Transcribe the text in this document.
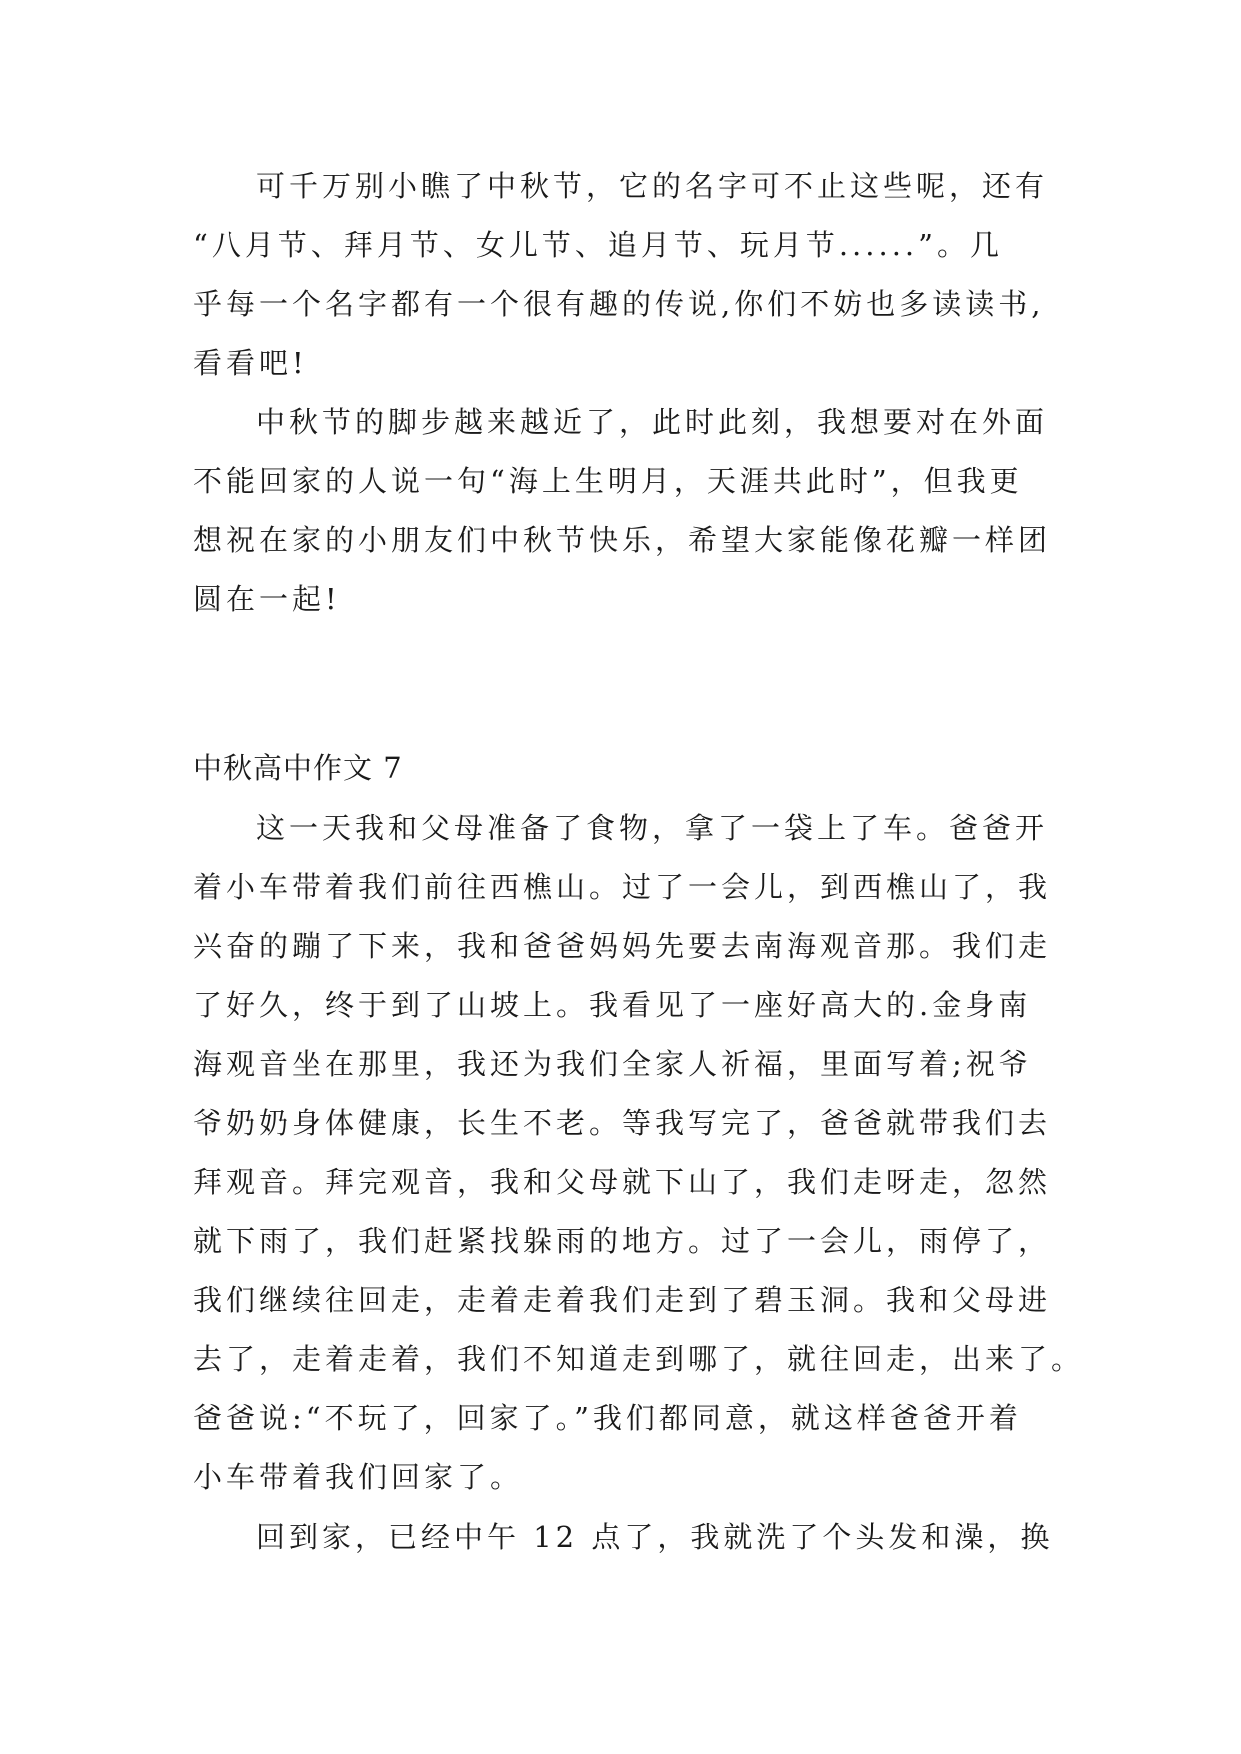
可千万别小瞧了中秋节，它的名字可不止这些呢，还有
“八月节、拜月节、女儿节、追月节、玩月节......”。几
乎每一个名字都有一个很有趣的传说,你们不妨也多读读书,
看看吧!
中秋节的脚步越来越近了，此时此刻，我想要对在外面
不能回家的人说一句“海上生明月，天涯共此时”，但我更
想祝在家的小朋友们中秋节快乐，希望大家能像花瓣一样团
圆在一起!
中秋高中作文 7
这一天我和父母准备了食物，拿了一袋上了车。爸爸开
着小车带着我们前往西樵山。过了一会儿，到西樵山了，我
兴奋的蹦了下来，我和爸爸妈妈先要去南海观音那。我们走
了好久，终于到了山坡上。我看见了一座好高大的.金身南
海观音坐在那里，我还为我们全家人祈福，里面写着;祝爷
爷奶奶身体健康，长生不老。等我写完了，爸爸就带我们去
拜观音。拜完观音，我和父母就下山了，我们走呀走，忽然
就下雨了，我们赶紧找躲雨的地方。过了一会儿，雨停了，
我们继续往回走，走着走着我们走到了碧玉洞。我和父母进
去了，走着走着，我们不知道走到哪了，就往回走，出来了。
爸爸说:“不玩了，回家了。”我们都同意，就这样爸爸开着
小车带着我们回家了。
回到家，已经中午 12 点了，我就洗了个头发和澡，换
